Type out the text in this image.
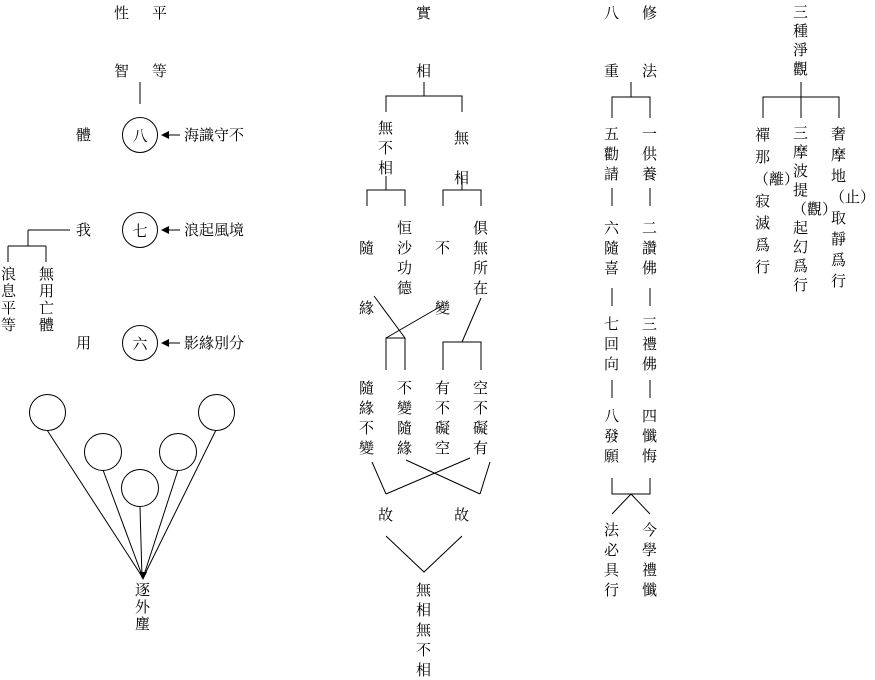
性 平
智 等
體	八	海識守不
我	七	浪起風境
用	六	影緣別分
浪息平等
無用亡體
逐外塵
實
相
無不相
無相
隨緣
恒沙功德
不變
俱無所在
隨緣不變
不變隨緣
有不礙空
空不礙有
故	故
無相無不相
八 修
重 法
五勸請
六隨喜
七回向
八發願
一供養
二讚佛
三禮佛
四懺悔
法必具行
今學禮懺
三種淨觀
禪那（離）寂滅爲行
三摩波提（觀）起幻爲行
奢摩地（止）取靜爲行
